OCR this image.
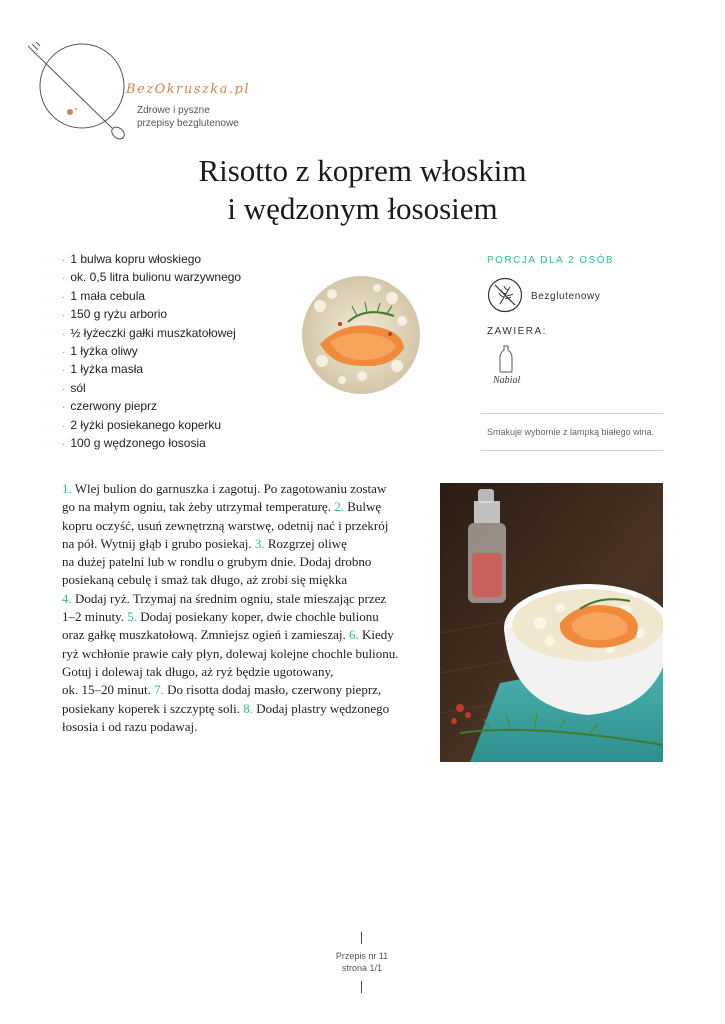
BezOkruszka.pl
Zdrowe i pyszne
przepisy bezglutenowe
Risotto z koprem włoskim
i wędzonym łososiem
· 1 bulwa kopru włoskiego
· ok. 0,5 litra bulionu warzywnego
· 1 mała cebula
· 150 g ryżu arborio
· ½ łyżeczki gałki muszkatołowej
· 1 łyżka oliwy
· 1 łyżka masła
· sól
· czerwony pieprz
· 2 łyżki posiekanego koperku
· 100 g wędzonego łososia
PORCJA DLA 2 OSÓB
Bezglutenowy
ZAWIERA:
Nabiał
Smakuje wybornie z lampką białego wina.
1. Wlej bulion do garnuszka i zagotuj. Po zagotowaniu zostaw
go na małym ogniu, tak żeby utrzymał temperaturę. 2. Bulwę
kopru oczyść, usuń zewnętrzną warstwę, odetnij nać i przekrój
na pół. Wytnij głąb i grubo posiekaj. 3. Rozgrzej oliwę
na dużej patelni lub w rondlu o grubym dnie. Dodaj drobno
posiekaną cebulę i smaż tak długo, aż zrobi się miękka
4. Dodaj ryż. Trzymaj na średnim ogniu, stale mieszając przez
1–2 minuty. 5. Dodaj posiekany koper, dwie chochle bulionu
oraz gałkę muszkatołową. Zmniejsz ogień i zamieszaj. 6. Kiedy
ryż wchłonie prawie cały płyn, dolewaj kolejne chochle bulionu.
Gotuj i dolewaj tak długo, aż ryż będzie ugotowany,
ok. 15–20 minut. 7. Do risotta dodaj masło, czerwony pieprz,
posiekany koperek i szczyptę soli. 8. Dodaj plastry wędzonego
łososia i od razu podawaj.
Przepis nr 11
strona 1/1
